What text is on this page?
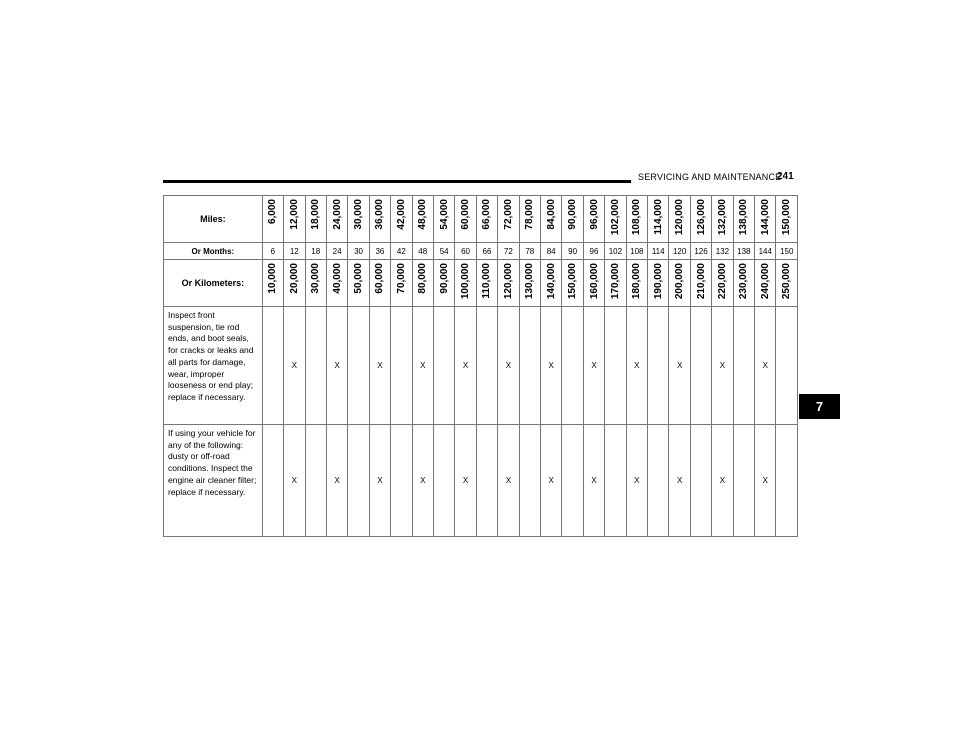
SERVICING AND MAINTENANCE
241
7
Miles:	6,000	12,000	18,000	24,000	30,000	36,000	42,000	48,000	54,000	60,000	66,000	72,000	78,000	84,000	90,000	96,000	102,000	108,000	114,000	120,000	126,000	132,000	138,000	144,000	150,000
Or Months:	6	12	18	24	30	36	42	48	54	60	66	72	78	84	90	96	102	108	114	120	126	132	138	144	150
Or Kilometers:	10,000	20,000	30,000	40,000	50,000	60,000	70,000	80,000	90,000	100,000	110,000	120,000	130,000	140,000	150,000	160,000	170,000	180,000	190,000	200,000	210,000	220,000	230,000	240,000	250,000
Inspect front suspension, tie rod ends, and boot seals, for cracks or leaks and all parts for damage, wear, improper looseness or end play; replace if necessary.		X		X		X		X		X		X		X		X		X		X		X		X	
If using your vehicle for any of the following: dusty or off-road conditions. Inspect the engine air cleaner filter; replace if necessary.		X		X		X		X		X		X		X		X		X		X		X		X	
